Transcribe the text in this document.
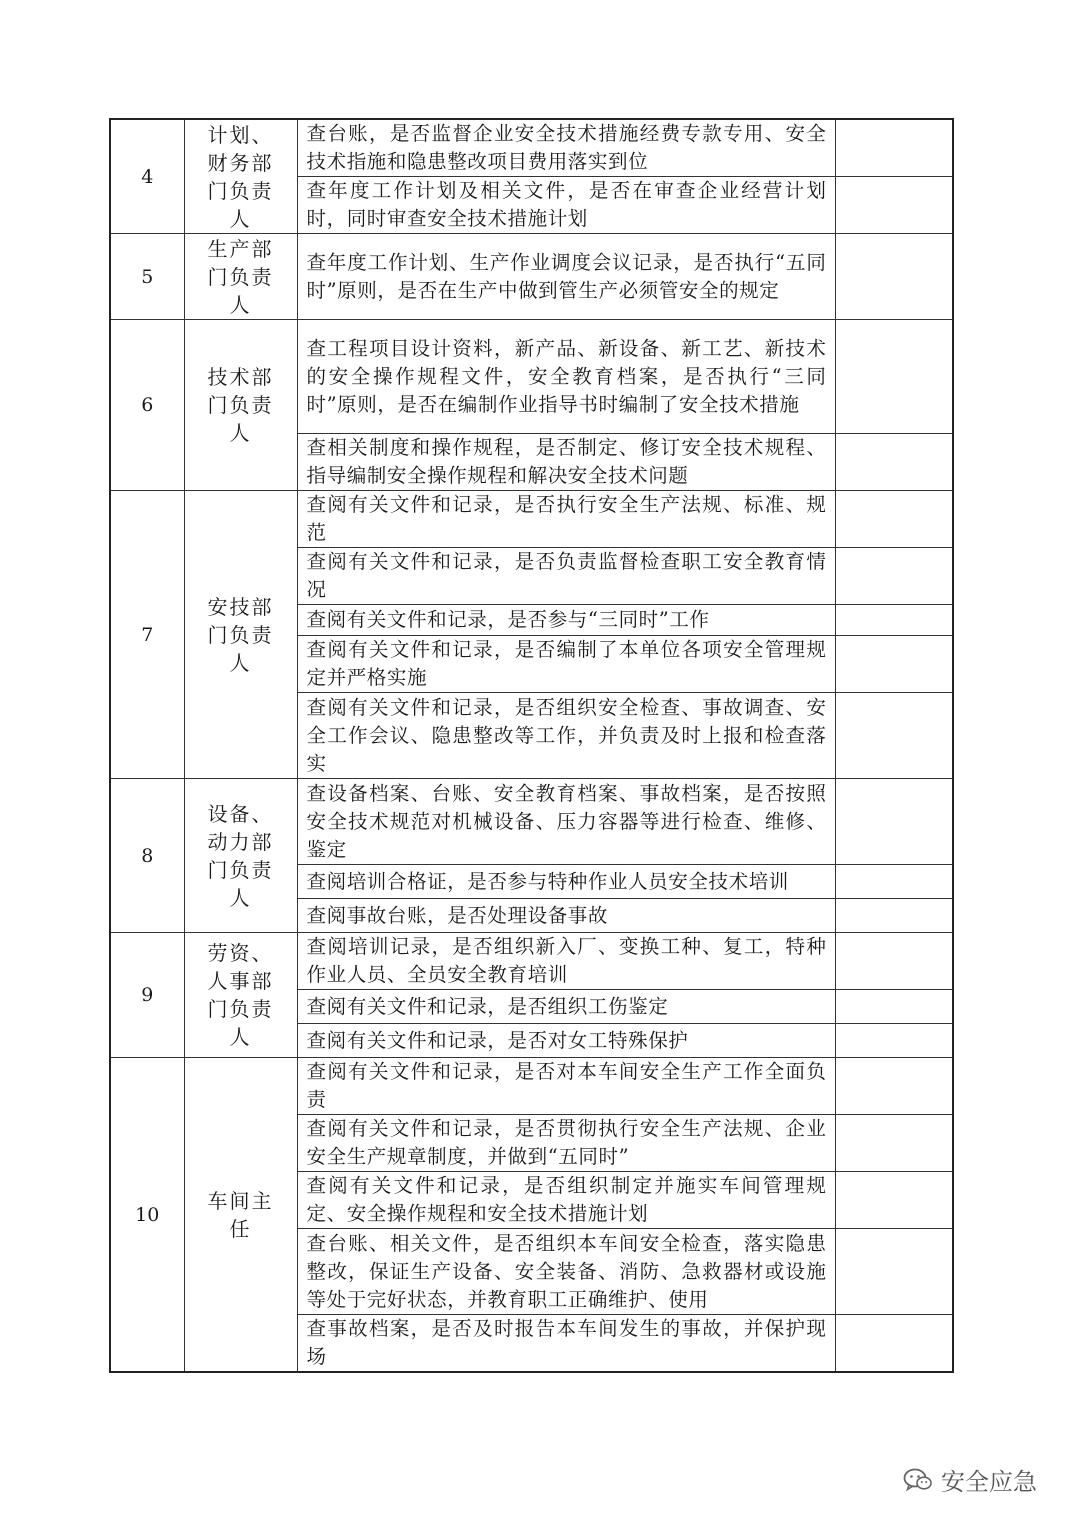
4	计划、财务部门负责人	查台账，是否监督企业安全技术措施经费专款专用、安全技术指施和隐患整改项目费用落实到位	
		查年度工作计划及相关文件，是否在审查企业经营计划时，同时审查安全技术措施计划	
5	生产部门负责人	查年度工作计划、生产作业调度会议记录，是否执行“五同时”原则，是否在生产中做到管生产必须管安全的规定	
6	技术部门负责人	查工程项目设计资料，新产品、新设备、新工艺、新技术的安全操作规程文件，安全教育档案，是否执行“三同时”原则，是否在编制作业指导书时编制了安全技术措施	
		查相关制度和操作规程，是否制定、修订安全技术规程、指导编制安全操作规程和解决安全技术问题	
7	安技部门负责人	查阅有关文件和记录，是否执行安全生产法规、标准、规范	
		查阅有关文件和记录，是否负责监督检查职工安全教育情况	
		查阅有关文件和记录，是否参与“三同时”工作	
		查阅有关文件和记录，是否编制了本单位各项安全管理规定并严格实施	
		查阅有关文件和记录，是否组织安全检查、事故调查、安全工作会议、隐患整改等工作，并负责及时上报和检查落实	
8	设备、动力部门负责人	查设备档案、台账、安全教育档案、事故档案，是否按照安全技术规范对机械设备、压力容器等进行检查、维修、鉴定	
		查阅培训合格证，是否参与特种作业人员安全技术培训	
		查阅事故台账，是否处理设备事故	
9	劳资、人事部门负责人	查阅培训记录，是否组织新入厂、变换工种、复工，特种作业人员、全员安全教育培训	
		查阅有关文件和记录，是否组织工伤鉴定	
		查阅有关文件和记录，是否对女工特殊保护	
10	车间主任	查阅有关文件和记录，是否对本车间安全生产工作全面负责	
		查阅有关文件和记录，是否贯彻执行安全生产法规、企业安全生产规章制度，并做到“五同时”	
		查阅有关文件和记录，是否组织制定并施实车间管理规定、安全操作规程和安全技术措施计划	
		查台账、相关文件，是否组织本车间安全检查，落实隐患整改，保证生产设备、安全装备、消防、急救器材或设施等处于完好状态，并教育职工正确维护、使用	
		查事故档案，是否及时报告本车间发生的事故，并保护现场	
安全应急
